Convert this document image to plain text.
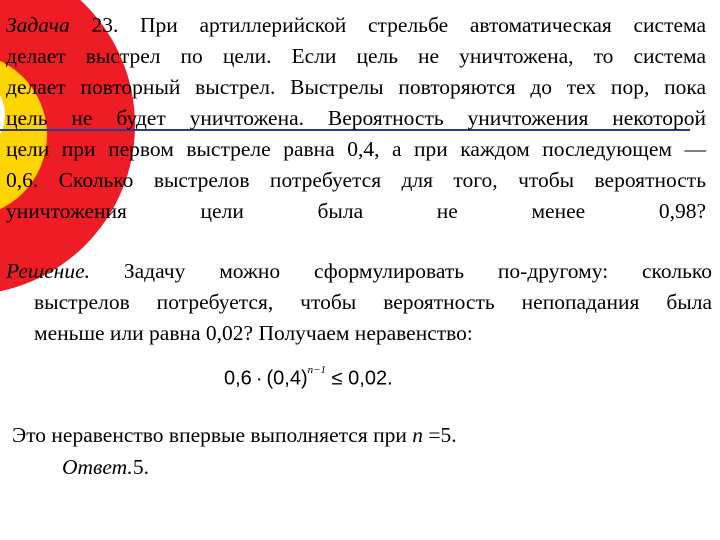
Задача 23. При артиллерийской стрельбе автоматическая система
делает выстрел по цели. Если цель не уничтожена, то система
делает повторный выстрел. Выстрелы повторяются до тех пор, пока
цель не будет уничтожена. Вероятность уничтожения некоторой
цели при первом выстреле равна 0,4, а при каждом последующем —
0,6. Сколько выстрелов потребуется для того, чтобы вероятность
уничтожения цели была не менее 0,98?
Решение. Задачу можно сформулировать по-другому: сколько
выстрелов потребуется, чтобы вероятность непопадания была
меньше или равна 0,02? Получаем неравенство:
$0,6 \cdot (0,4)^{n-1} \le 0,02$.
Это неравенство впервые выполняется при n =5.
Ответ.5.
